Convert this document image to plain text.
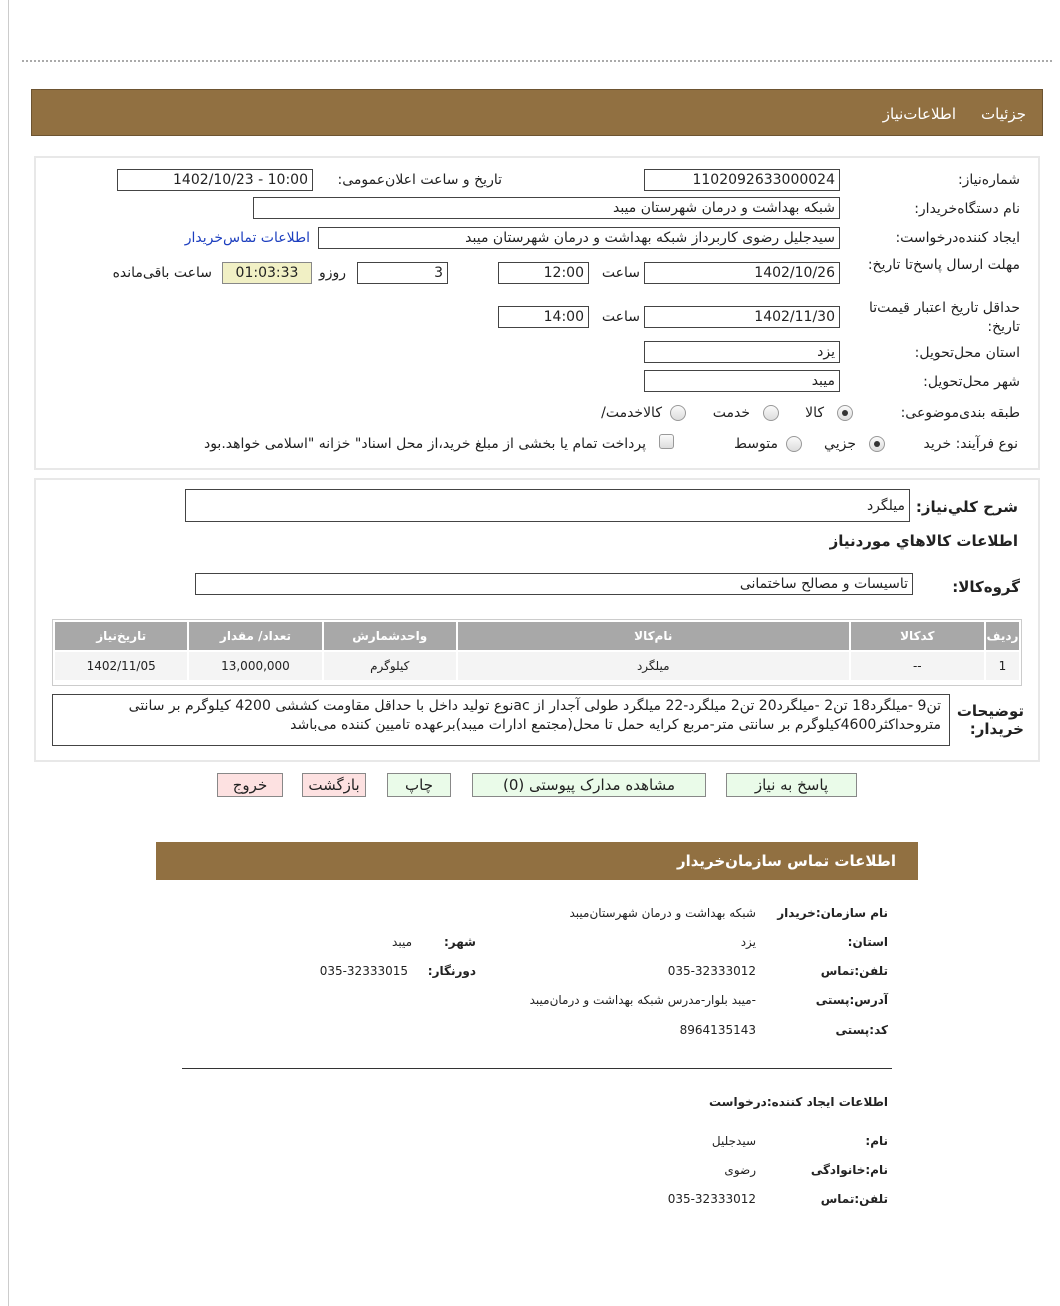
جزئيات
اطلاعات‌نیاز
شماره‌نیاز:
1102092633000024
تاریخ و ساعت اعلان‌عمومی:
1402/10/23 - 10:00
نام دستگاه‌خریدار:
شبکه بهداشت و درمان شهرستان میبد
ایجاد کننده‌درخواست:
سیدجلیل رضوی کاربرداز شبکه بهداشت و درمان شهرستان میبد
اطلاعات تماس‌خریدار
مهلت ارسال پاسخ‌تا تاریخ:
1402/10/26
ساعت
12:00
3
روزو
01:03:33
ساعت باقی‌مانده
حداقل تاریخ اعتبار قیمت‌تا تاریخ:
1402/11/30
ساعت
14:00
استان محل‌تحویل:
یزد
شهر محل‌تحویل:
میبد
طبقه بندی‌موضوعی:
کالا
خدمت
کالا‌خدمت/
نوع فرآیند: خرید
جزیي
متوسط
پرداخت تمام یا بخشی از مبلغ خرید،از محل اسناد" خزانه "اسلامی خواهد.بود
شرح کلي‌نیاز:
میلگرد
اطلاعات کالاهاي موردنیاز
گروه‌کالا:
تاسیسات و مصالح ساختمانی
ردیف	کدکالا	نام‌کالا	واحدشمارش	تعداد/ مقدار	تاریخ‌نیاز
1	--	میلگرد	کیلوگرم	13,000,000	1402/11/05
توضیحات خریدار:
تن9 -میلگرد18 تن2 -میلگرد20 تن2 میلگرد-22 میلگرد طولی آجدار از acنوع تولید داخل با حداقل مقاومت کششی 4200 کیلوگرم بر سانتی
مترو‌حداکثر4600کیلوگرم بر سانتی متر-مربع کرایه حمل تا محل(مجتمع ادارات میبد)برعهده تامیین کننده می‌باشد
پاسخ به نیاز
مشاهده مدارک پیوستی (0)
چاپ
بازگشت
خروج
اطلاعات تماس سازمان‌خریدار
نام سازمان:خریدار
شبکه بهداشت و درمان شهرستان‌میبد
استان:
یزد
شهر:
میبد
تلفن:تماس
035-32333012
دورنگار:
035-32333015
آدرس:پستی
-میبد بلوار-مدرس شبکه بهداشت و درمان‌میبد
کد:پستی
8964135143
اطلاعات ایجاد کننده:درخواست
نام:
سیدجلیل
نام:خانوادگی
رضوی
تلفن:تماس
035-32333012
